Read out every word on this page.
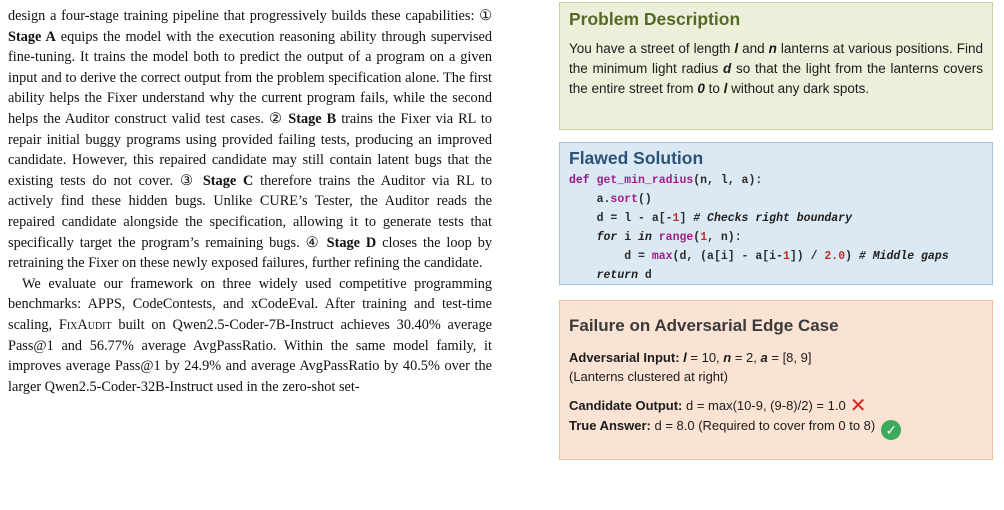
design a four-stage training pipeline that progressively builds these capabilities: ① Stage A equips the model with the execution reasoning ability through supervised fine-tuning. It trains the model both to predict the output of a program on a given input and to derive the correct output from the problem specification alone. The first ability helps the Fixer understand why the current program fails, while the second helps the Auditor construct valid test cases. ② Stage B trains the Fixer via RL to repair initial buggy programs using provided failing tests, producing an improved candidate. However, this repaired candidate may still contain latent bugs that the existing tests do not cover. ③ Stage C therefore trains the Auditor via RL to actively find these hidden bugs. Unlike CURE’s Tester, the Auditor reads the repaired candidate alongside the specification, allowing it to generate tests that specifically target the program’s remaining bugs. ④ Stage D closes the loop by retraining the Fixer on these newly exposed failures, further refining the candidate.

We evaluate our framework on three widely used competitive programming benchmarks: APPS, CodeContests, and xCodeEval. After training and test-time scaling, FixAudit built on Qwen2.5-Coder-7B-Instruct achieves 30.40% average Pass@1 and 56.77% average AvgPassRatio. Within the same model family, it improves average Pass@1 by 24.9% and average AvgPassRatio by 40.5% over the larger Qwen2.5-Coder-32B-Instruct used in the zero-shot set-

Problem Description
You have a street of length l and n lanterns at various positions. Find the minimum light radius d so that the light from the lanterns covers the entire street from 0 to l without any dark spots.
Flawed Solution
def get_min_radius(n, l, a):
a.sort()
d = l - a[-1] # Checks right boundary
for i in range(1, n):
d = max(d, (a[i] - a[i-1]) / 2.0) # Middle gaps
return d
Failure on Adversarial Edge Case
Adversarial Input: l = 10, n = 2, a = [8, 9]
(Lanterns clustered at right)
Candidate Output: d = max(10-9, (9-8)/2) = 1.0 ✕
True Answer: d = 8.0 (Required to cover from 0 to 8) ✓
